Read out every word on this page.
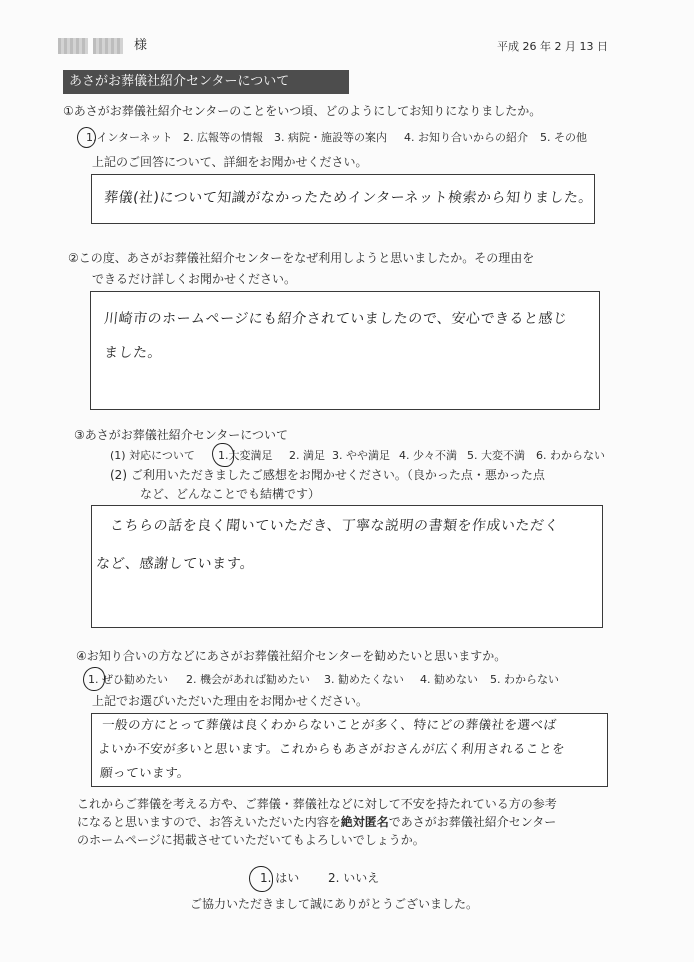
様	平成 26 年 2 月 13 日
あさがお葬儀社紹介センターについて
①あさがお葬儀社紹介センターのことをいつ頃、どのようにしてお知りになりましたか。
1.インターネット 2. 広報等の情報 3. 病院・施設等の案内 4. お知り合いからの紹介 5. その他
上記のご回答について、詳細をお聞かせください。
葬儀(社)について知識がなかったためインターネット検索から知りました。
②この度、あさがお葬儀社紹介センターをなぜ利用しようと思いましたか。その理由を
できるだけ詳しくお聞かせください。
川崎市のホームページにも紹介されていましたので、安心できると感じ
ました。
③あさがお葬儀社紹介センターについて
(1) 対応について 1.大変満足 2. 満足 3. やや満足 4. 少々不満 5. 大変不満 6. わからない
(2) ご利用いただきましたご感想をお聞かせください。（良かった点・悪かった点
など、どんなことでも結構です）
こちらの話を良く聞いていただき、丁寧な説明の書類を作成いただく
など、感謝しています。
④お知り合いの方などにあさがお葬儀社紹介センターを勧めたいと思いますか。
1. ぜひ勧めたい 2. 機会があれば勧めたい 3. 勧めたくない 4. 勧めない 5. わからない
上記でお選びいただいた理由をお聞かせください。
一般の方にとって葬儀は良くわからないことが多く、特にどの葬儀社を選べば
よいか不安が多いと思います。これからもあさがおさんが広く利用されることを
願っています。
これからご葬儀を考える方や、ご葬儀・葬儀社などに対して不安を持たれている方の参考
になると思いますので、お答えいただいた内容を絶対匿名であさがお葬儀社紹介センター
のホームページに掲載させていただいてもよろしいでしょうか。
1. はい 2. いいえ
ご協力いただきまして誠にありがとうございました。
